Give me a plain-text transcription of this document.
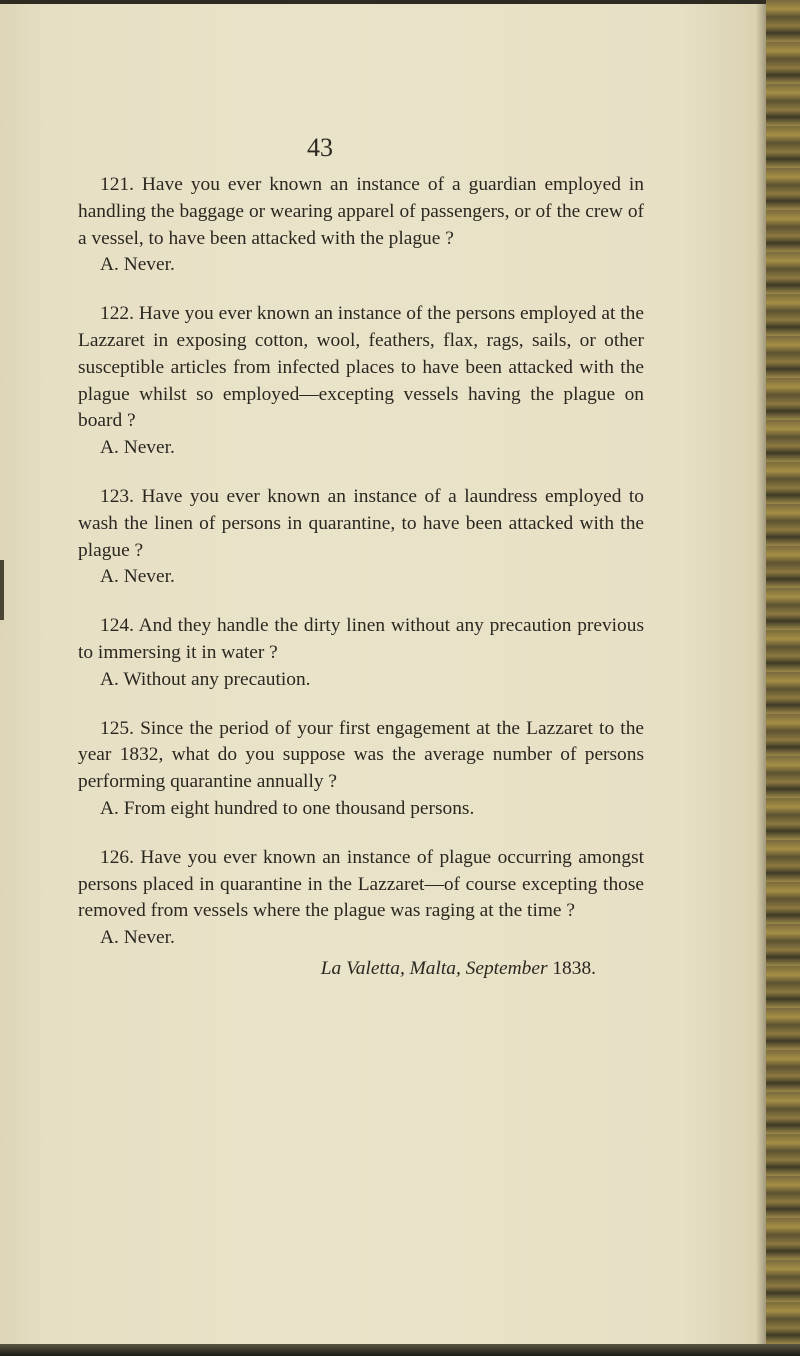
43

121. Have you ever known an instance of a guardian employed in handling the baggage or wearing apparel of passengers, or of the crew of a vessel, to have been attacked with the plague ?

A. Never.

122. Have you ever known an instance of the persons employed at the Lazzaret in exposing cotton, wool, feathers, flax, rags, sails, or other susceptible articles from infected places to have been attacked with the plague whilst so employed—excepting vessels having the plague on board ?

A. Never.

123. Have you ever known an instance of a laundress employed to wash the linen of persons in quarantine, to have been attacked with the plague ?

A. Never.

124. And they handle the dirty linen without any precaution previous to immersing it in water ?

A. Without any precaution.

125. Since the period of your first engagement at the Lazzaret to the year 1832, what do you suppose was the average number of persons performing quarantine annually ?

A. From eight hundred to one thousand persons.

126. Have you ever known an instance of plague occurring amongst persons placed in quarantine in the Lazzaret—of course excepting those removed from vessels where the plague was raging at the time ?

A. Never.

La Valetta, Malta, September 1838.
